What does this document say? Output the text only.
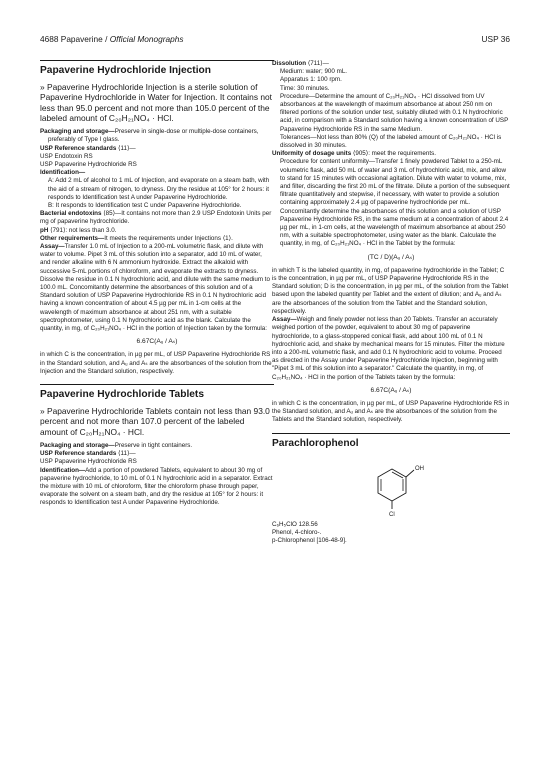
4688 Papaverine / Official Monographs	USP 36
Papaverine Hydrochloride Injection
» Papaverine Hydrochloride Injection is a sterile solution of Papaverine Hydrochloride in Water for Injection. It contains not less than 95.0 percent and not more than 105.0 percent of the labeled amount of C₂₀H₂₁NO₄ · HCl.

Packaging and storage—Preserve in single-dose or multiple-dose containers, preferably of Type I glass.

USP Reference standards ⟨11⟩—

USP Endotoxin RS

USP Papaverine Hydrochloride RS

Identification—

A: Add 2 mL of alcohol to 1 mL of Injection, and evaporate on a steam bath, with the aid of a stream of nitrogen, to dryness. Dry the residue at 105° for 2 hours: it responds to Identification test A under Papaverine Hydrochloride.

B: It responds to Identification test C under Papaverine Hydrochloride.

Bacterial endotoxins ⟨85⟩—It contains not more than 2.9 USP Endotoxin Units per mg of papaverine hydrochloride.

pH ⟨791⟩: not less than 3.0.

Other requirements—It meets the requirements under Injections ⟨1⟩.

Assay—Transfer 1.0 mL of Injection to a 200-mL volumetric flask, and dilute with water to volume. Pipet 3 mL of this solution into a separator, add 10 mL of water, and render alkaline with 6 N ammonium hydroxide. Extract the alkaloid with successive 5-mL portions of chloroform, and evaporate the extracts to dryness. Dissolve the residue in 0.1 N hydrochloric acid, and dilute with the same medium to 100.0 mL. Concomitantly determine the absorbances of this solution and of a Standard solution of USP Papaverine Hydrochloride RS in 0.1 N hydrochloric acid having a known concentration of about 4.5 µg per mL in 1-cm cells at the wavelength of maximum absorbance at about 251 nm, with a suitable spectrophotometer, using 0.1 N hydrochloric acid as the blank. Calculate the quantity, in mg, of C₂₀H₂₁NO₄ · HCl in the portion of Injection taken by the formula:

6.67C(Aᵤ / Aₛ)

in which C is the concentration, in µg per mL, of USP Papaverine Hydrochloride RS in the Standard solution, and Aᵤ and Aₛ are the absorbances of the solution from the Injection and the Standard solution, respectively.

Papaverine Hydrochloride Tablets
» Papaverine Hydrochloride Tablets contain not less than 93.0 percent and not more than 107.0 percent of the labeled amount of C₂₀H₂₁NO₄ · HCl.

Packaging and storage—Preserve in tight containers.

USP Reference standards ⟨11⟩—

USP Papaverine Hydrochloride RS

Identification—Add a portion of powdered Tablets, equivalent to about 30 mg of papaverine hydrochloride, to 10 mL of 0.1 N hydrochloric acid in a separator. Extract the mixture with 10 mL of chloroform, filter the chloroform phase through paper, evaporate the solvent on a steam bath, and dry the residue at 105° for 2 hours: it responds to Identification test A under Papaverine Hydrochloride.

Dissolution ⟨711⟩—

Medium: water; 900 mL.

Apparatus 1: 100 rpm.

Time: 30 minutes.

Procedure—Determine the amount of C₂₀H₂₁NO₄ · HCl dissolved from UV absorbances at the wavelength of maximum absorbance at about 250 nm on filtered portions of the solution under test, suitably diluted with 0.1 N hydrochloric acid, in comparison with a Standard solution having a known concentration of USP Papaverine Hydrochloride RS in the same Medium.

Tolerances—Not less than 80% (Q) of the labeled amount of C₂₀H₂₁NO₄ · HCl is dissolved in 30 minutes.

Uniformity of dosage units ⟨905⟩: meet the requirements.

Procedure for content uniformity—Transfer 1 finely powdered Tablet to a 250-mL volumetric flask, add 50 mL of water and 3 mL of hydrochloric acid, mix, and allow to stand for 15 minutes with occasional agitation. Dilute with water to volume, mix, and filter, discarding the first 20 mL of the filtrate. Dilute a portion of the subsequent filtrate quantitatively and stepwise, if necessary, with water to provide a solution containing approximately 2.4 µg of papaverine hydrochloride per mL. Concomitantly determine the absorbances of this solution and a solution of USP Papaverine Hydrochloride RS, in the same medium at a concentration of about 2.4 µg per mL, in 1-cm cells, at the wavelength of maximum absorbance at about 250 nm, with a suitable spectrophotometer, using water as the blank. Calculate the quantity, in mg, of C₂₀H₂₁NO₄ · HCl in the Tablet by the formula:

(TC / D)(Aᵤ / Aₛ)

in which T is the labeled quantity, in mg, of papaverine hydrochloride in the Tablet; C is the concentration, in µg per mL, of USP Papaverine Hydrochloride RS in the Standard solution; D is the concentration, in µg per mL, of the solution from the Tablet based upon the labeled quantity per Tablet and the extent of dilution; and Aᵤ and Aₛ are the absorbances of the solution from the Tablet and the Standard solution, respectively.

Assay—Weigh and finely powder not less than 20 Tablets. Transfer an accurately weighed portion of the powder, equivalent to about 30 mg of papaverine hydrochloride, to a glass-stoppered conical flask, add about 100 mL of 0.1 N hydrochloric acid, and shake by mechanical means for 15 minutes. Filter the mixture into a 200-mL volumetric flask, and add 0.1 N hydrochloric acid to volume. Proceed as directed in the Assay under Papaverine Hydrochloride Injection, beginning with "Pipet 3 mL of this solution into a separator." Calculate the quantity, in mg, of C₂₀H₂₁NO₄ · HCl in the portion of the Tablets taken by the formula:

6.67C(Aᵤ / Aₛ)

in which C is the concentration, in µg per mL, of USP Papaverine Hydrochloride RS in the Standard solution, and Aᵤ and Aₛ are the absorbances of the solution from the Tablets and the Standard solution, respectively.

Parachlorophenol
OH
Cl

C₆H₅ClO 128.56

Phenol, 4-chloro-.

p-Chlorophenol [106-48-9].
